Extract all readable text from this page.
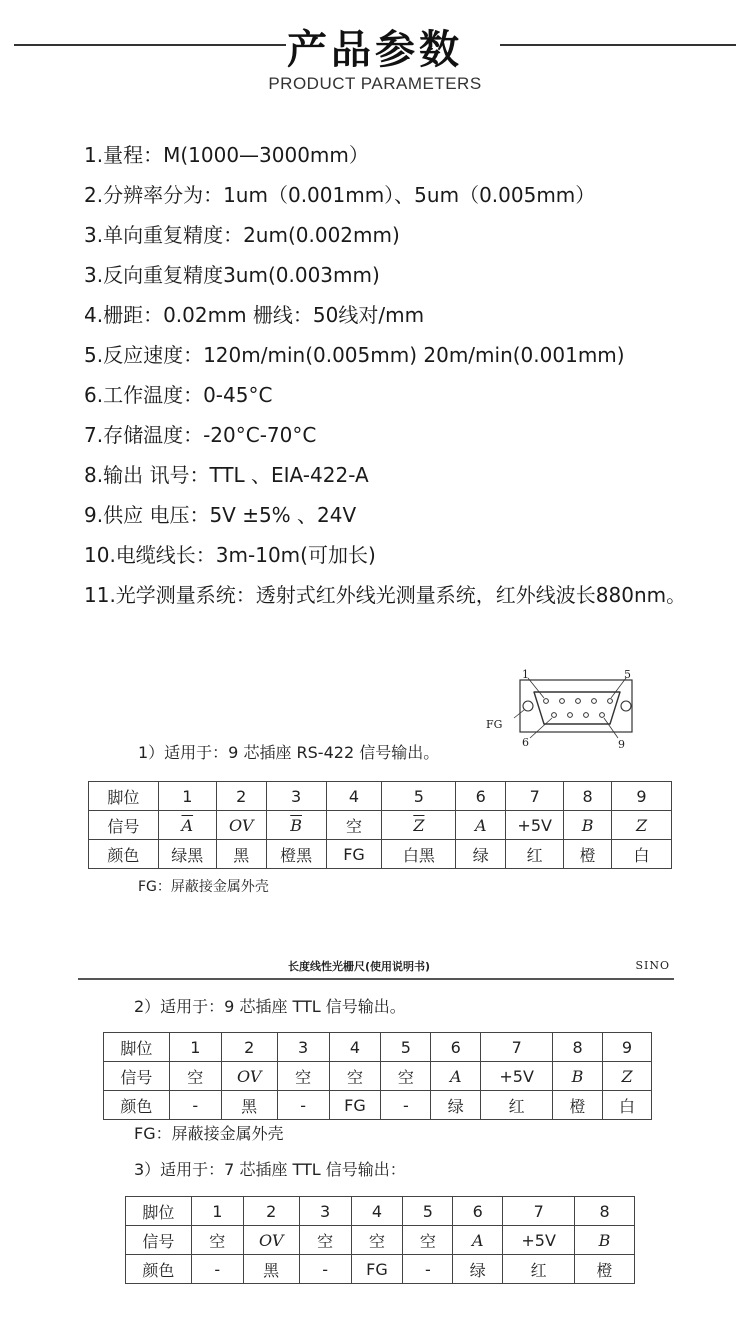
产品参数
PRODUCT PARAMETERS
1.量程：M(1000—3000mm）
2.分辨率分为：1um（0.001mm）、5um（0.005mm）
3.单向重复精度：2um(0.002mm)
3.反向重复精度3um(0.003mm)
4.栅距：0.02mm 栅线：50线对/mm
5.反应速度：120m/min(0.005mm) 20m/min(0.001mm)
6.工作温度：0-45°C
7.存储温度：-20°C-70°C
8.输出 讯号：TTL 、EIA-422-A
9.供应 电压：5V ±5% 、24V
10.电缆线长：3m-10m(可加长)
11.光学测量系统：透射式红外线光测量系统，红外线波长880nm。
1	5
FG
6	9
1）适用于：9 芯插座 RS-422 信号输出。
脚位	1	2	3	4	5	6	7	8	9
信号	$\overline{A}$	OV	$\overline{B}$	空	$\overline{Z}$	A	+5V	B	Z
颜色	绿黑	黑	橙黑	FG	白黑	绿	红	橙	白
FG：屏蔽接金属外壳
长度线性光栅尺(使用说明书)	SINO
2）适用于：9 芯插座 TTL 信号输出。
脚位	1	2	3	4	5	6	7	8	9
信号	空	OV	空	空	空	A	+5V	B	Z
颜色	-	黑	-	FG	-	绿	红	橙	白
FG：屏蔽接金属外壳
3）适用于：7 芯插座 TTL 信号输出：
脚位	1	2	3	4	5	6	7	8
信号	空	OV	空	空	空	A	+5V	B
颜色	-	黑	-	FG	-	绿	红	橙
